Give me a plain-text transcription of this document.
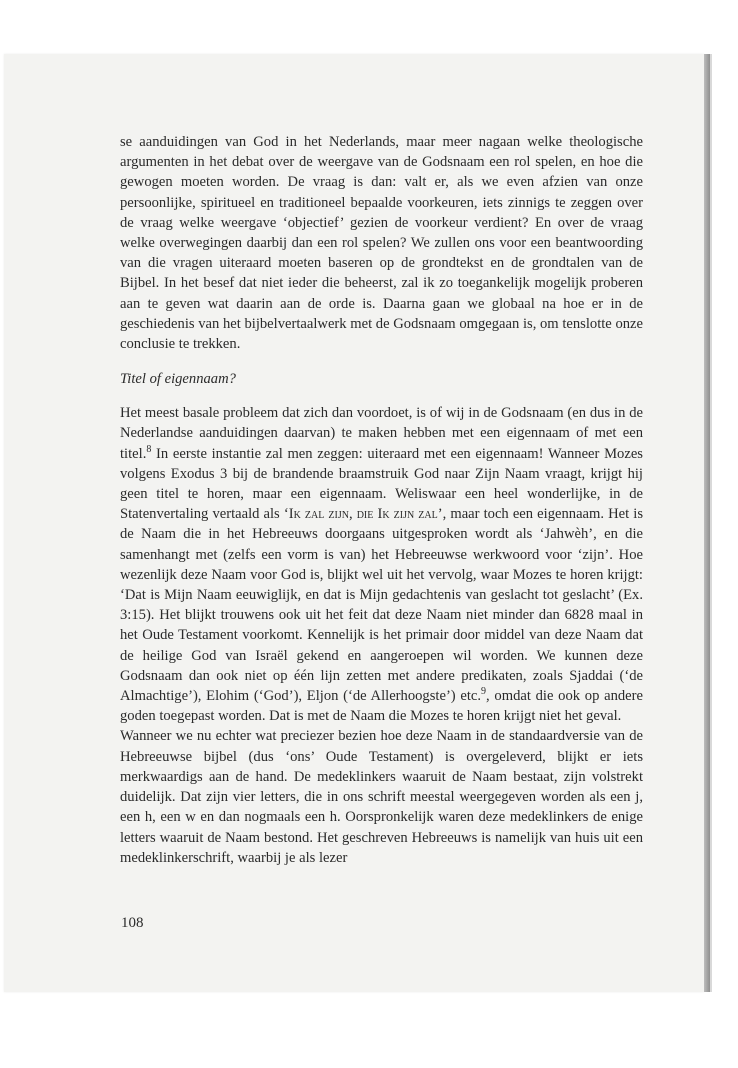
se aanduidingen van God in het Nederlands, maar meer nagaan welke theologische argumenten in het debat over de weergave van de Godsnaam een rol spelen, en hoe die gewogen moeten worden. De vraag is dan: valt er, als we even afzien van onze persoonlijke, spiritueel en traditioneel bepaalde voorkeuren, iets zinnigs te zeggen over de vraag welke weergave ‘objectief’ gezien de voorkeur verdient? En over de vraag welke overwegingen daarbij dan een rol spelen? We zullen ons voor een beantwoording van die vragen uiteraard moeten baseren op de grondtekst en de grondtalen van de Bijbel. In het besef dat niet ieder die beheerst, zal ik zo toegankelijk mogelijk proberen aan te geven wat daarin aan de orde is. Daarna gaan we globaal na hoe er in de geschiedenis van het bijbelvertaalwerk met de Godsnaam omgegaan is, om tenslotte onze conclusie te trekken.

Titel of eigennaam?

Het meest basale probleem dat zich dan voordoet, is of wij in de Godsnaam (en dus in de Nederlandse aanduidingen daarvan) te maken hebben met een eigennaam of met een titel.$^8$ In eerste instantie zal men zeggen: uiteraard met een eigennaam! Wanneer Mozes volgens Exodus 3 bij de brandende braamstruik God naar Zijn Naam vraagt, krijgt hij geen titel te horen, maar een eigennaam. Weliswaar een heel wonderlijke, in de Statenvertaling vertaald als ‘Ik zal zijn, die Ik zijn zal’, maar toch een eigennaam. Het is de Naam die in het Hebreeuws doorgaans uitgesproken wordt als ‘Jahwèh’, en die samenhangt met (zelfs een vorm is van) het Hebreeuwse werkwoord voor ‘zijn’. Hoe wezenlijk deze Naam voor God is, blijkt wel uit het vervolg, waar Mozes te horen krijgt: ‘Dat is Mijn Naam eeuwiglijk, en dat is Mijn gedachtenis van geslacht tot geslacht’ (Ex. 3:15). Het blijkt trouwens ook uit het feit dat deze Naam niet minder dan 6828 maal in het Oude Testament voorkomt. Kennelijk is het primair door middel van deze Naam dat de heilige God van Israël gekend en aangeroepen wil worden. We kunnen deze Godsnaam dan ook niet op één lijn zetten met andere predikaten, zoals Sjaddai (‘de Almachtige’), Elohim (‘God’), Eljon (‘de Allerhoogste’) etc.$^9$, omdat die ook op andere goden toegepast worden. Dat is met de Naam die Mozes te horen krijgt niet het geval.

Wanneer we nu echter wat preciezer bezien hoe deze Naam in de standaardversie van de Hebreeuwse bijbel (dus ‘ons’ Oude Testament) is overgeleverd, blijkt er iets merkwaardigs aan de hand. De medeklinkers waaruit de Naam bestaat, zijn volstrekt duidelijk. Dat zijn vier letters, die in ons schrift meestal weergegeven worden als een j, een h, een w en dan nogmaals een h. Oorspronkelijk waren deze medeklinkers de enige letters waaruit de Naam bestond. Het geschreven Hebreeuws is namelijk van huis uit een medeklinkerschrift, waarbij je als lezer

108
